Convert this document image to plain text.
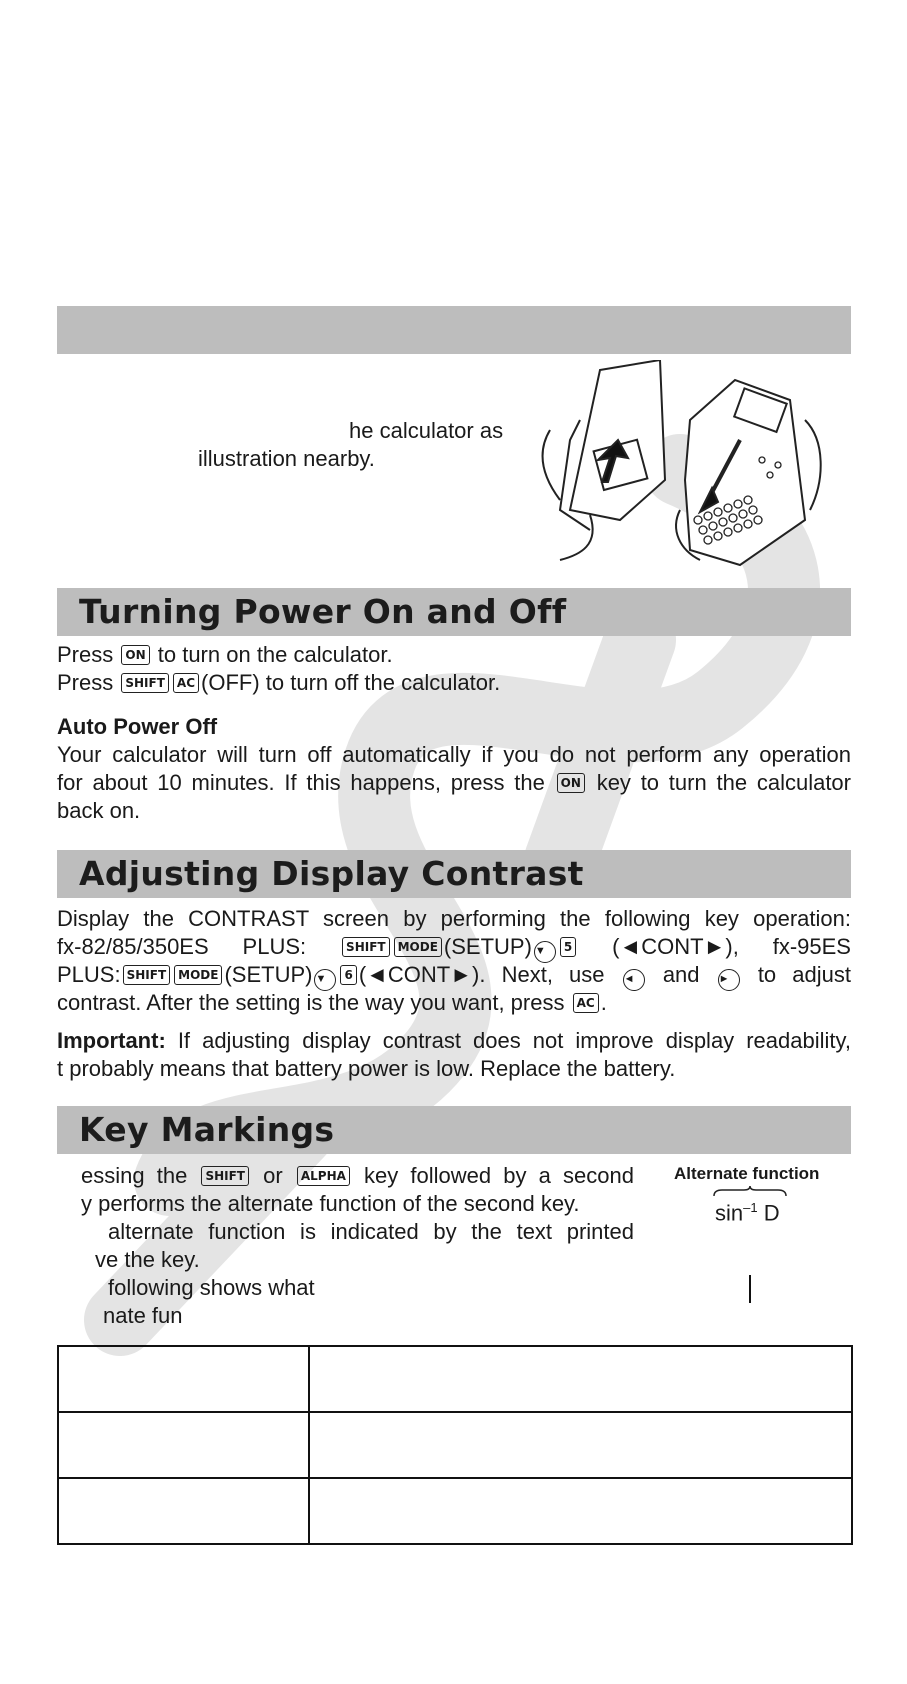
he calculator as
illustration nearby.
Turning Power On and Off
Press ON to turn on the calculator.
Press SHIFT AC (OFF) to turn off the calculator.
Auto Power Off
Your calculator will turn off automatically if you do not perform any operation
for about 10 minutes. If this happens, press the ON key to turn the calculator
back on.
Adjusting Display Contrast
Display the CONTRAST screen by performing the following key operation:
fx-82/85/350ES PLUS:	SHIFT MODE (SETUP) ▼ 5 (◄CONT►), fx-95ES
PLUS: SHIFT MODE (SETUP) ▼ 6 (◄CONT►). Next, use ◄ and ► to adjust
contrast. After the setting is the way you want, press AC .
Important: If adjusting display contrast does not improve display readability,
t probably means that battery power is low. Replace the battery.
Key Markings
essing the SHIFT or ALPHA key followed by a second
y performs the alternate function of the second key.
alternate function is indicated by the text printed
ve the key.
following shows what
nate fun
Alternate function
$\sin^{-1} D$
